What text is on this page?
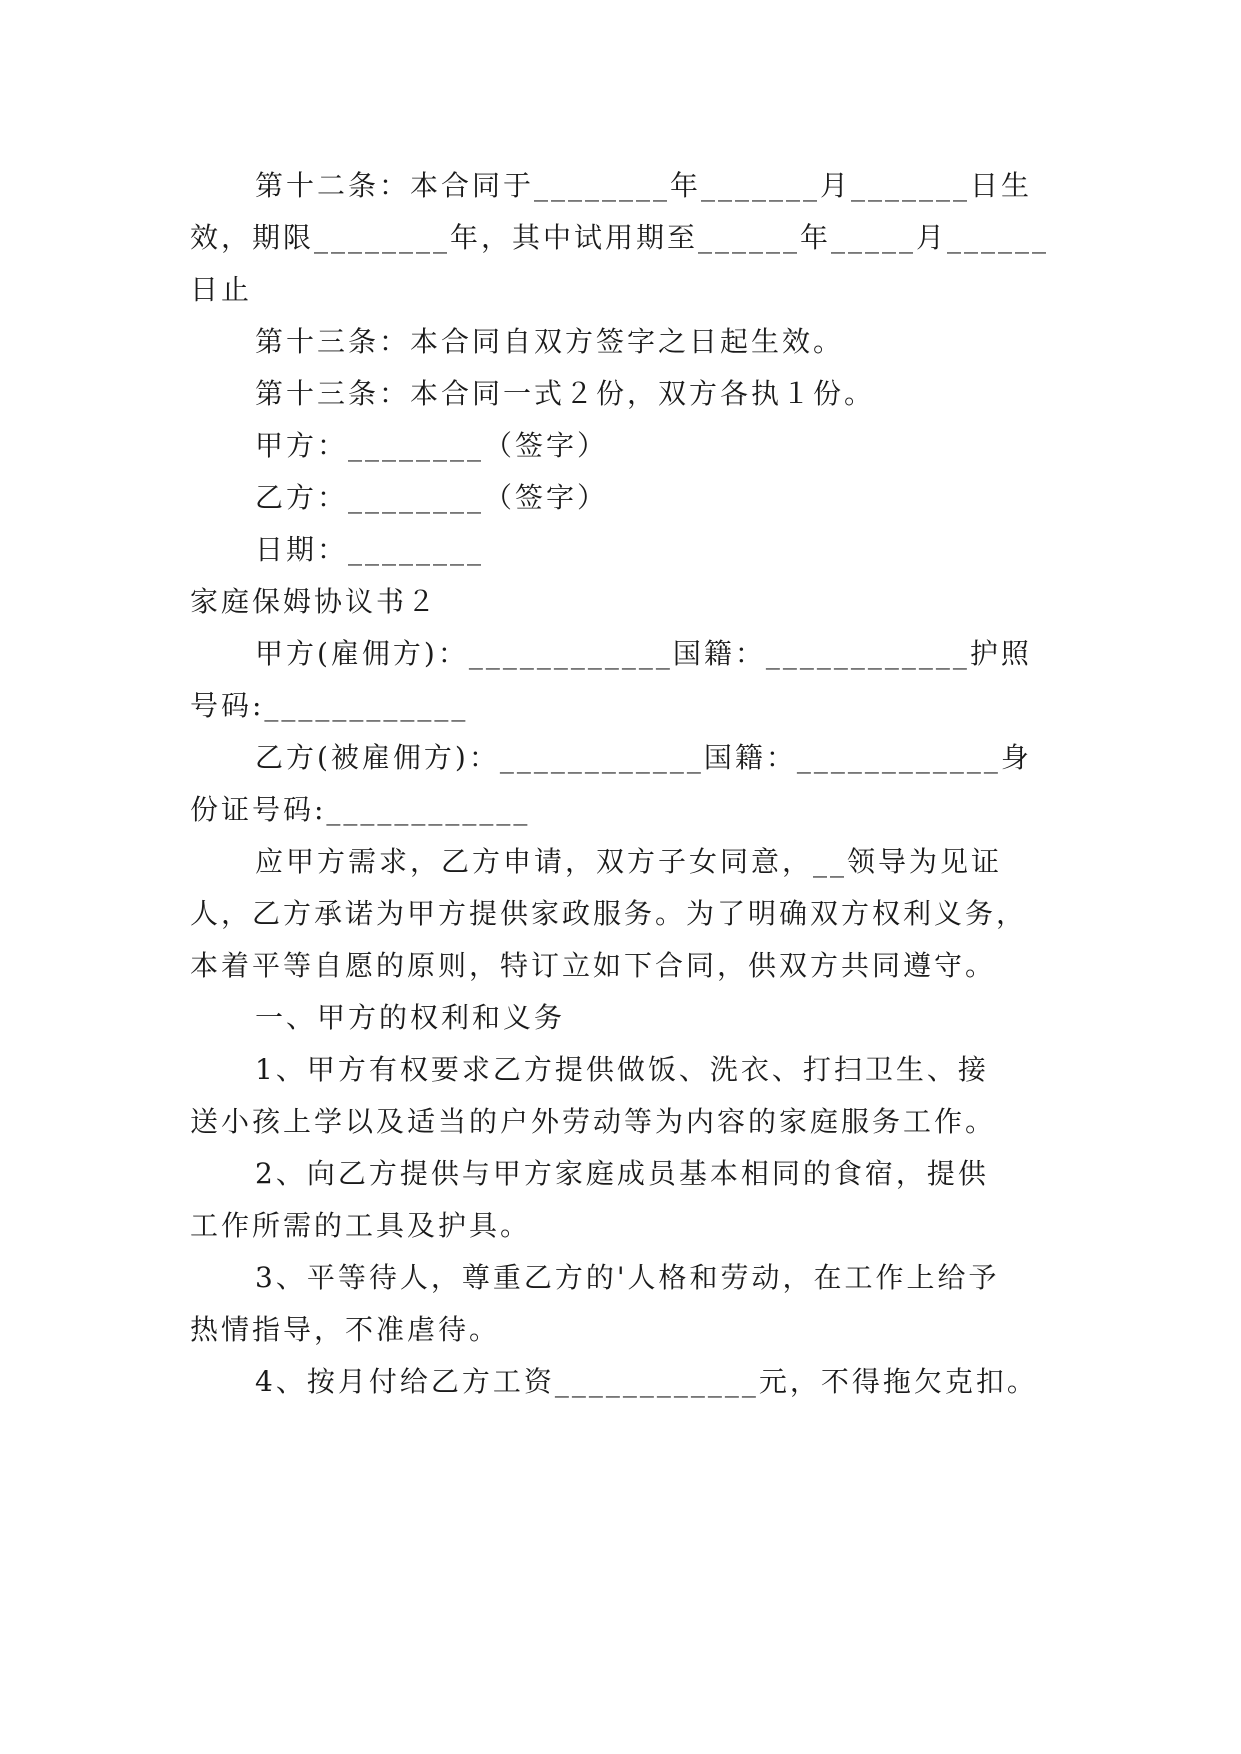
第十二条：本合同于________年_______月_______日生
效，期限________年，其中试用期至______年_____月______
日止
第十三条：本合同自双方签字之日起生效。
第十三条：本合同一式２份，双方各执１份。
甲方：________（签字）
乙方：________（签字）
日期：________
家庭保姆协议书２
甲方(雇佣方)：____________国籍：____________护照
号码:____________
乙方(被雇佣方)：____________国籍：____________身
份证号码:____________
应甲方需求，乙方申请，双方子女同意，__领导为见证
人，乙方承诺为甲方提供家政服务。为了明确双方权利义务，
本着平等自愿的原则，特订立如下合同，供双方共同遵守。
一、甲方的权利和义务
1、甲方有权要求乙方提供做饭、洗衣、打扫卫生、接
送小孩上学以及适当的户外劳动等为内容的家庭服务工作。
2、向乙方提供与甲方家庭成员基本相同的食宿，提供
工作所需的工具及护具。
3、平等待人，尊重乙方的'人格和劳动，在工作上给予
热情指导，不准虐待。
4、按月付给乙方工资____________元，不得拖欠克扣。
